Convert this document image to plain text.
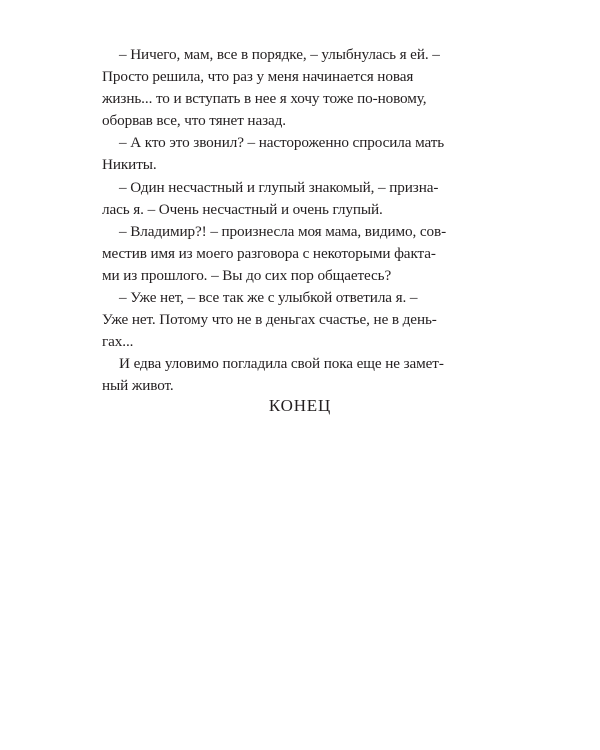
– Ничего, мам, все в порядке, – улыбнулась я ей. –
Просто решила, что раз у меня начинается новая
жизнь... то и вступать в нее я хочу тоже по-новому,
оборвав все, что тянет назад.

– А кто это звонил? – настороженно спросила мать
Никиты.

– Один несчастный и глупый знакомый, – призна-
лась я. – Очень несчастный и очень глупый.

– Владимир?! – произнесла моя мама, видимо, сов-
местив имя из моего разговора с некоторыми факта-
ми из прошлого. – Вы до сих пор общаетесь?

– Уже нет, – все так же с улыбкой ответила я. –
Уже нет. Потому что не в деньгах счастье, не в день-
гах...

И едва уловимо погладила свой пока еще не замет-
ный живот.

КОНЕЦ
